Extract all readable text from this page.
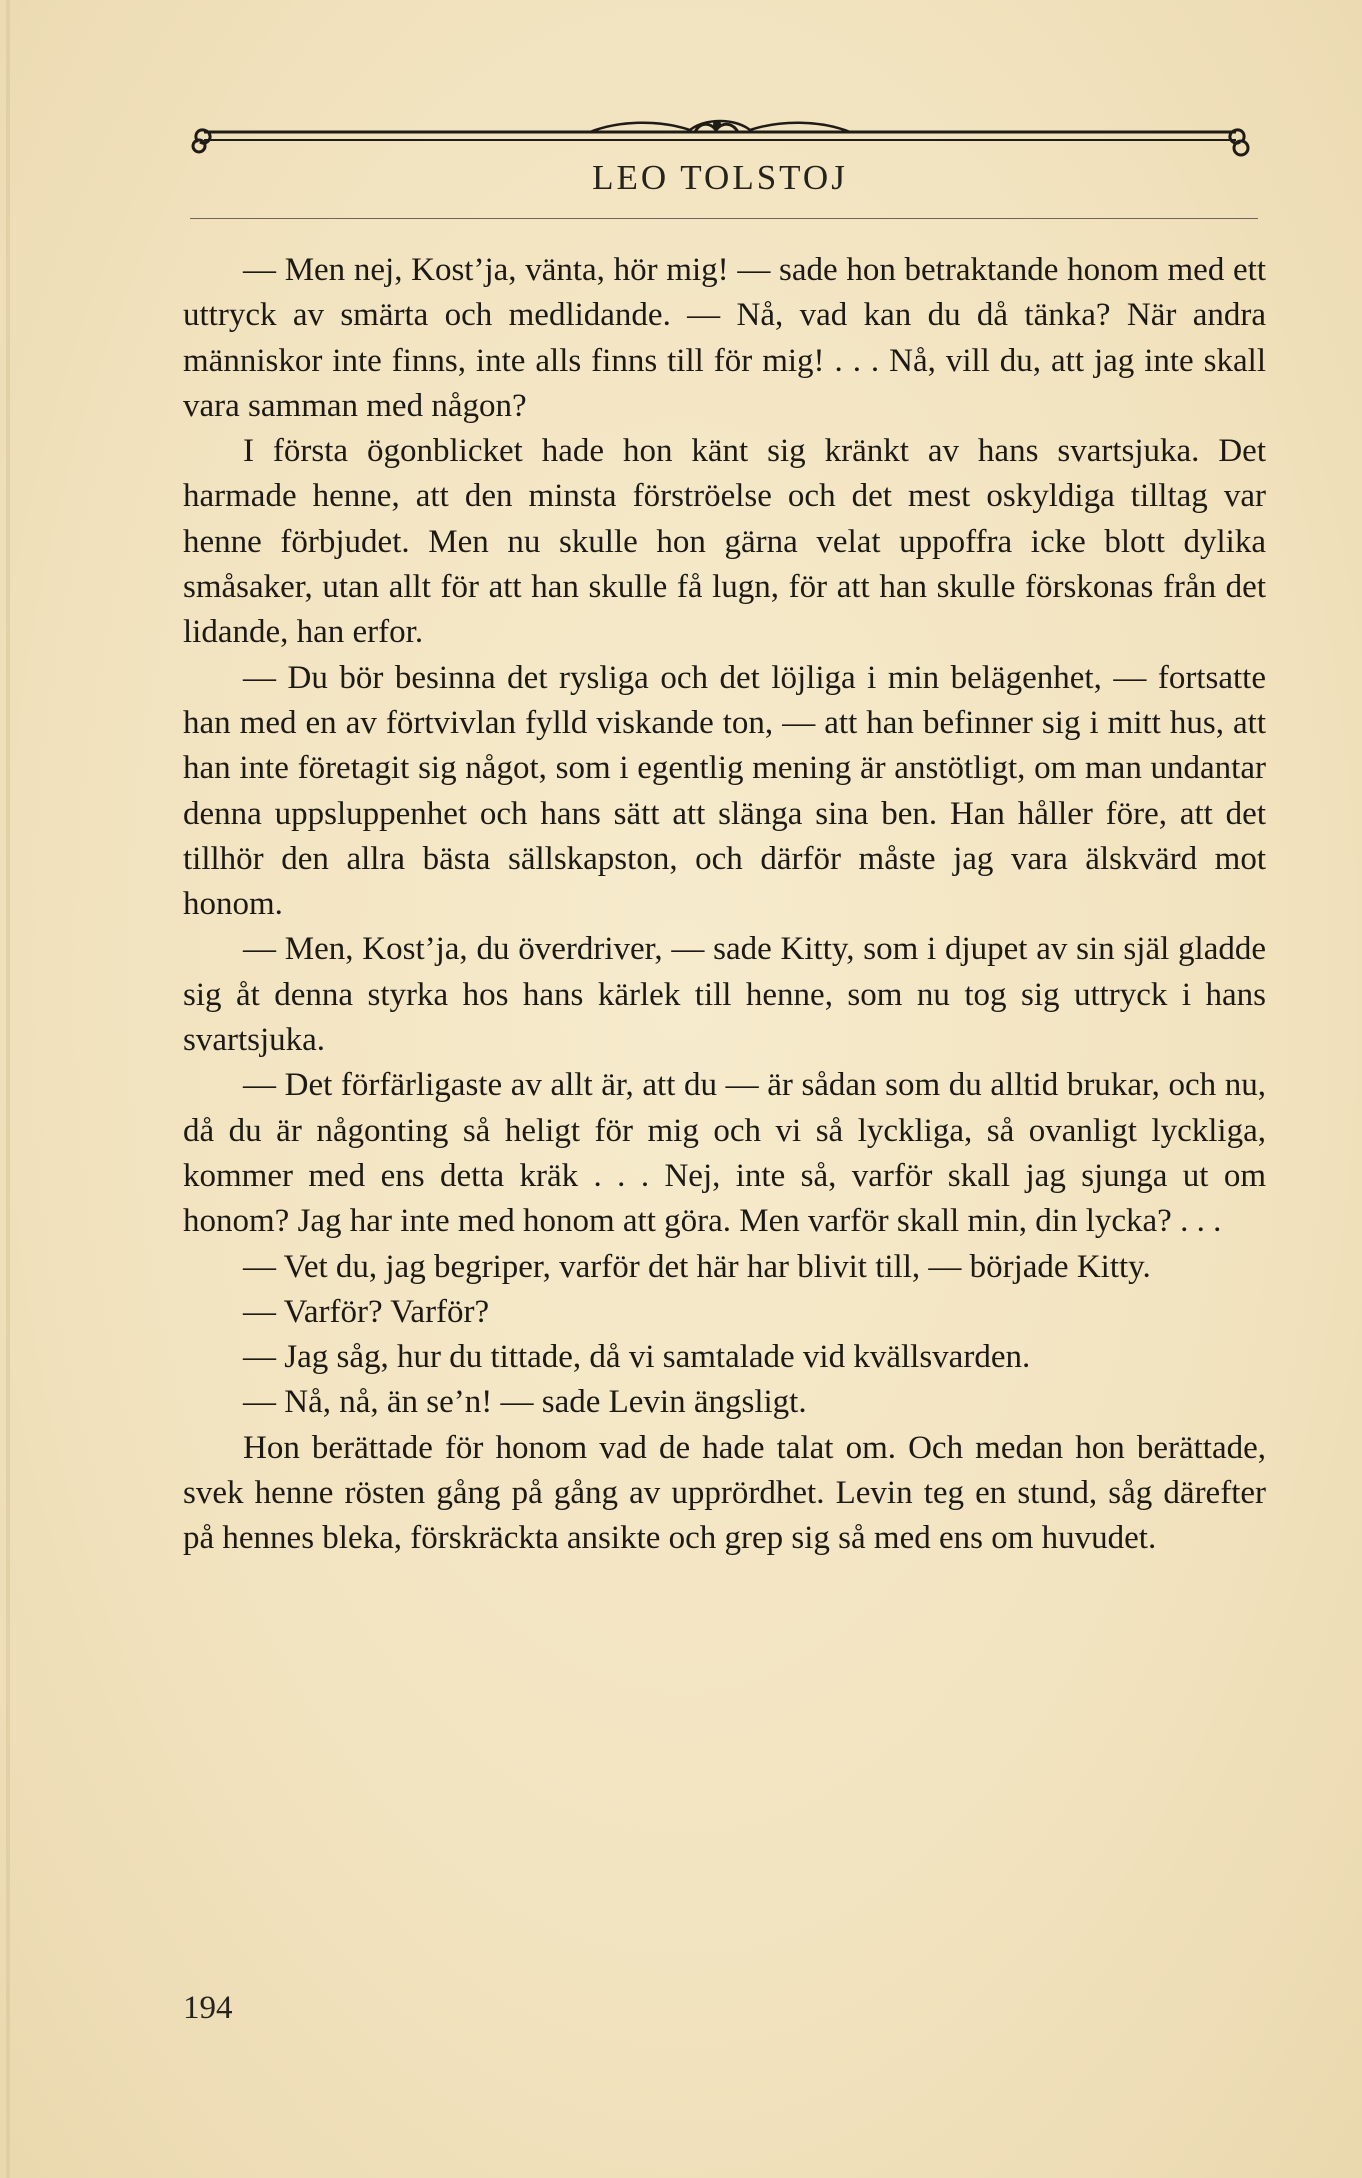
LEO TOLSTOJ

— Men nej, Kost’ja, vänta, hör mig! — sade hon betraktande honom med ett uttryck av smärta och medlidande. — Nå, vad kan du då tänka? När andra människor inte finns, inte alls finns till för mig! . . . Nå, vill du, att jag inte skall vara samman med någon?

I första ögonblicket hade hon känt sig kränkt av hans svartsjuka. Det harmade henne, att den minsta förströelse och det mest oskyldiga tilltag var henne förbjudet. Men nu skulle hon gärna velat uppoffra icke blott dylika småsaker, utan allt för att han skulle få lugn, för att han skulle förskonas från det lidande, han erfor.

— Du bör besinna det rysliga och det löjliga i min belägenhet, — fortsatte han med en av förtvivlan fylld viskande ton, — att han befinner sig i mitt hus, att han inte företagit sig något, som i egentlig mening är anstötligt, om man undantar denna uppsluppenhet och hans sätt att slänga sina ben. Han håller före, att det tillhör den allra bästa sällskapston, och därför måste jag vara älskvärd mot honom.

— Men, Kost’ja, du överdriver, — sade Kitty, som i djupet av sin själ gladde sig åt denna styrka hos hans kärlek till henne, som nu tog sig uttryck i hans svartsjuka.

— Det förfärligaste av allt är, att du — är sådan som du alltid brukar, och nu, då du är någonting så heligt för mig och vi så lyckliga, så ovanligt lyckliga, kommer med ens detta kräk . . . Nej, inte så, varför skall jag sjunga ut om honom? Jag har inte med honom att göra. Men varför skall min, din lycka? . . .

— Vet du, jag begriper, varför det här har blivit till, — började Kitty.

— Varför? Varför?

— Jag såg, hur du tittade, då vi samtalade vid kvällsvarden.

— Nå, nå, än se’n! — sade Levin ängsligt.

Hon berättade för honom vad de hade talat om. Och medan hon berättade, svek henne rösten gång på gång av upprördhet. Levin teg en stund, såg därefter på hennes bleka, förskräckta ansikte och grep sig så med ens om huvudet.

194
